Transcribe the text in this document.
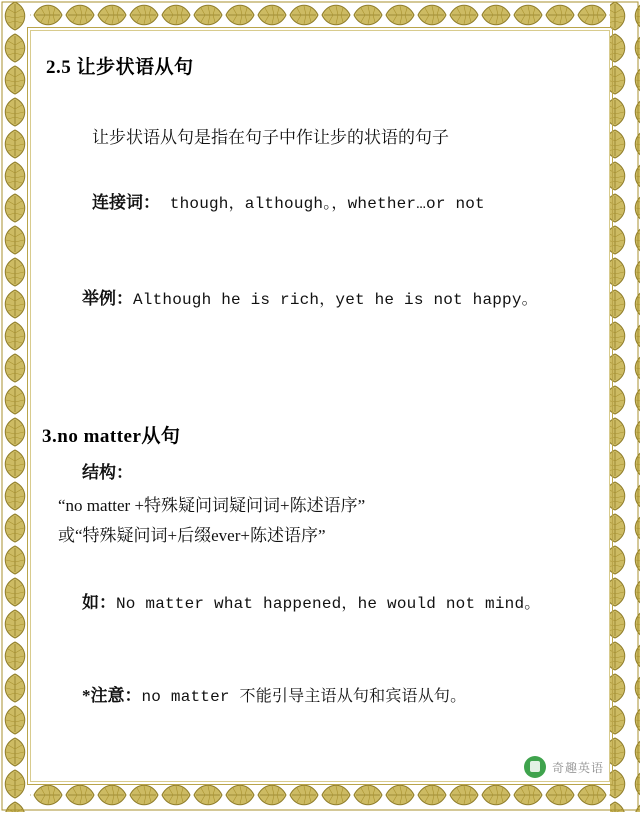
2.5 让步状语从句

让步状语从句是指在句子中作让步的状语的句子

连接词： though，although。，whether…or not

举例：Although he is rich，yet he is not happy。

3.no matter从句

结构：

“no matter +特殊疑问词疑问词+陈述语序”

或“特殊疑问词+后缀ever+陈述语序”

如：No matter what happened，he would not mind。

*注意：no matter 不能引导主语从句和宾语从句。

奇趣英语
